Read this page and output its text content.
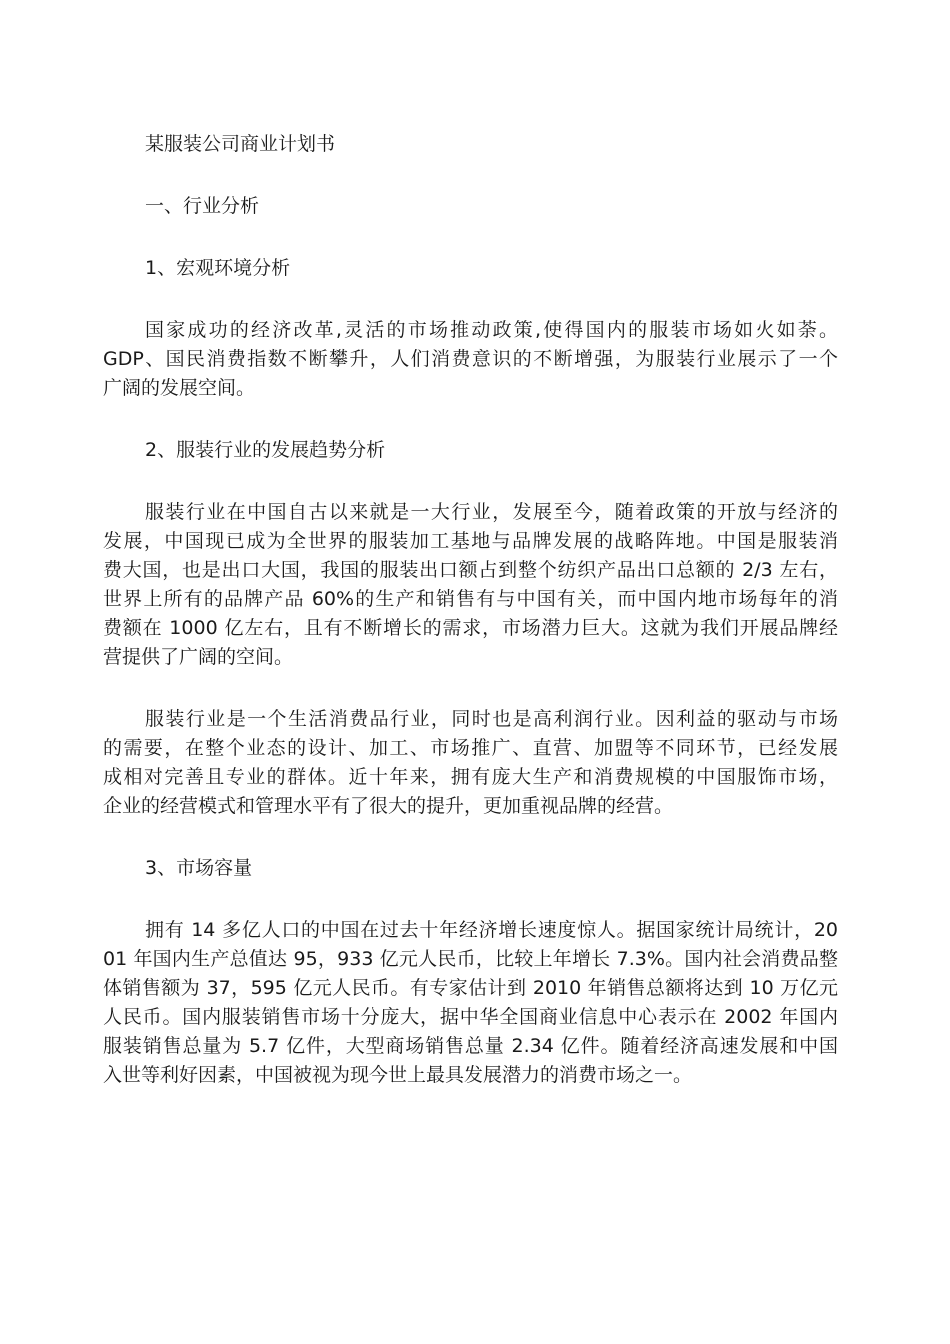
某服装公司商业计划书
一、行业分析
1、宏观环境分析
国家成功的经济改革,灵活的市场推动政策,使得国内的服装市场如火如荼。
GDP、国民消费指数不断攀升，人们消费意识的不断增强，为服装行业展示了一个
广阔的发展空间。
2、服装行业的发展趋势分析
服装行业在中国自古以来就是一大行业，发展至今，随着政策的开放与经济的
发展，中国现已成为全世界的服装加工基地与品牌发展的战略阵地。中国是服装消
费大国，也是出口大国，我国的服装出口额占到整个纺织产品出口总额的 2/3 左右，
世界上所有的品牌产品 60%的生产和销售有与中国有关，而中国内地市场每年的消
费额在 1000 亿左右，且有不断增长的需求，市场潜力巨大。这就为我们开展品牌经
营提供了广阔的空间。
服装行业是一个生活消费品行业，同时也是高利润行业。因利益的驱动与市场
的需要，在整个业态的设计、加工、市场推广、直营、加盟等不同环节，已经发展
成相对完善且专业的群体。近十年来，拥有庞大生产和消费规模的中国服饰市场，
企业的经营模式和管理水平有了很大的提升，更加重视品牌的经营。
3、市场容量
拥有 14 多亿人口的中国在过去十年经济增长速度惊人。据国家统计局统计，20
01 年国内生产总值达 95，933 亿元人民币，比较上年增长 7.3%。国内社会消费品整
体销售额为 37，595 亿元人民币。有专家估计到 2010 年销售总额将达到 10 万亿元
人民币。国内服装销售市场十分庞大，据中华全国商业信息中心表示在 2002 年国内
服装销售总量为 5.7 亿件，大型商场销售总量 2.34 亿件。随着经济高速发展和中国
入世等利好因素，中国被视为现今世上最具发展潜力的消费市场之一。
